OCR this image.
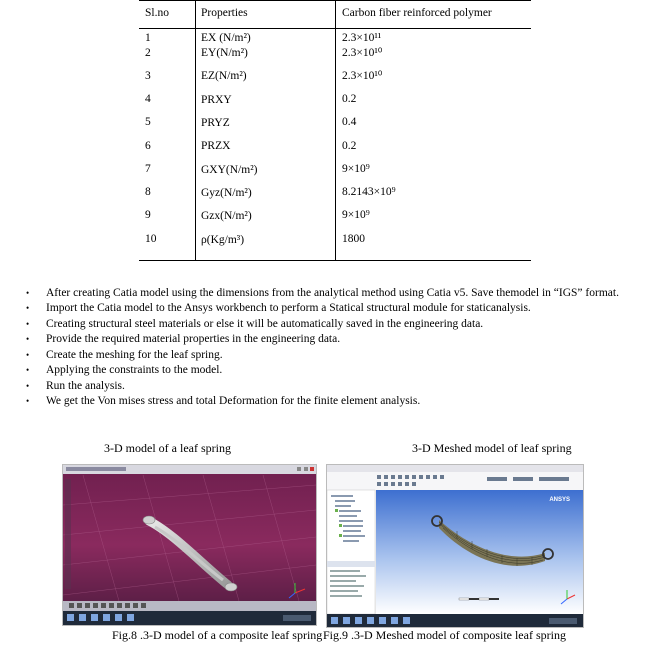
Sl.no	Properties	Carbon fiber reinforced polymer
1	EX (N/m²)	2.3×10¹¹
2	EY(N/m²)	2.3×10¹⁰
3	EZ(N/m²)	2.3×10¹⁰
4	PRXY	0.2
5	PRYZ	0.4
6	PRZX	0.2
7	GXY(N/m²)	9×10⁹
8	Gyz(N/m²)	8.2143×10⁹
9	Gzx(N/m²)	9×10⁹
10	ρ(Kg/m³)	1800
• After creating Catia model using the dimensions from the analytical method using Catia v5. Save themodel in “IGS” format.
• Import the Catia model to the Ansys workbench to perform a Statical structural module for staticanalysis.
• Creating structural steel materials or else it will be automatically saved in the engineering data.
• Provide the required material properties in the engineering data.
• Create the meshing for the leaf spring.
• Applying the constraints to the model.
• Run the analysis.
• We get the Von mises stress and total Deformation for the finite element analysis.
3-D model of a leaf spring	3-D Meshed model of leaf spring
ANSYS
Fig.8 .3-D model of a composite leaf spring Fig.9 .3-D Meshed model of composite leaf spring
